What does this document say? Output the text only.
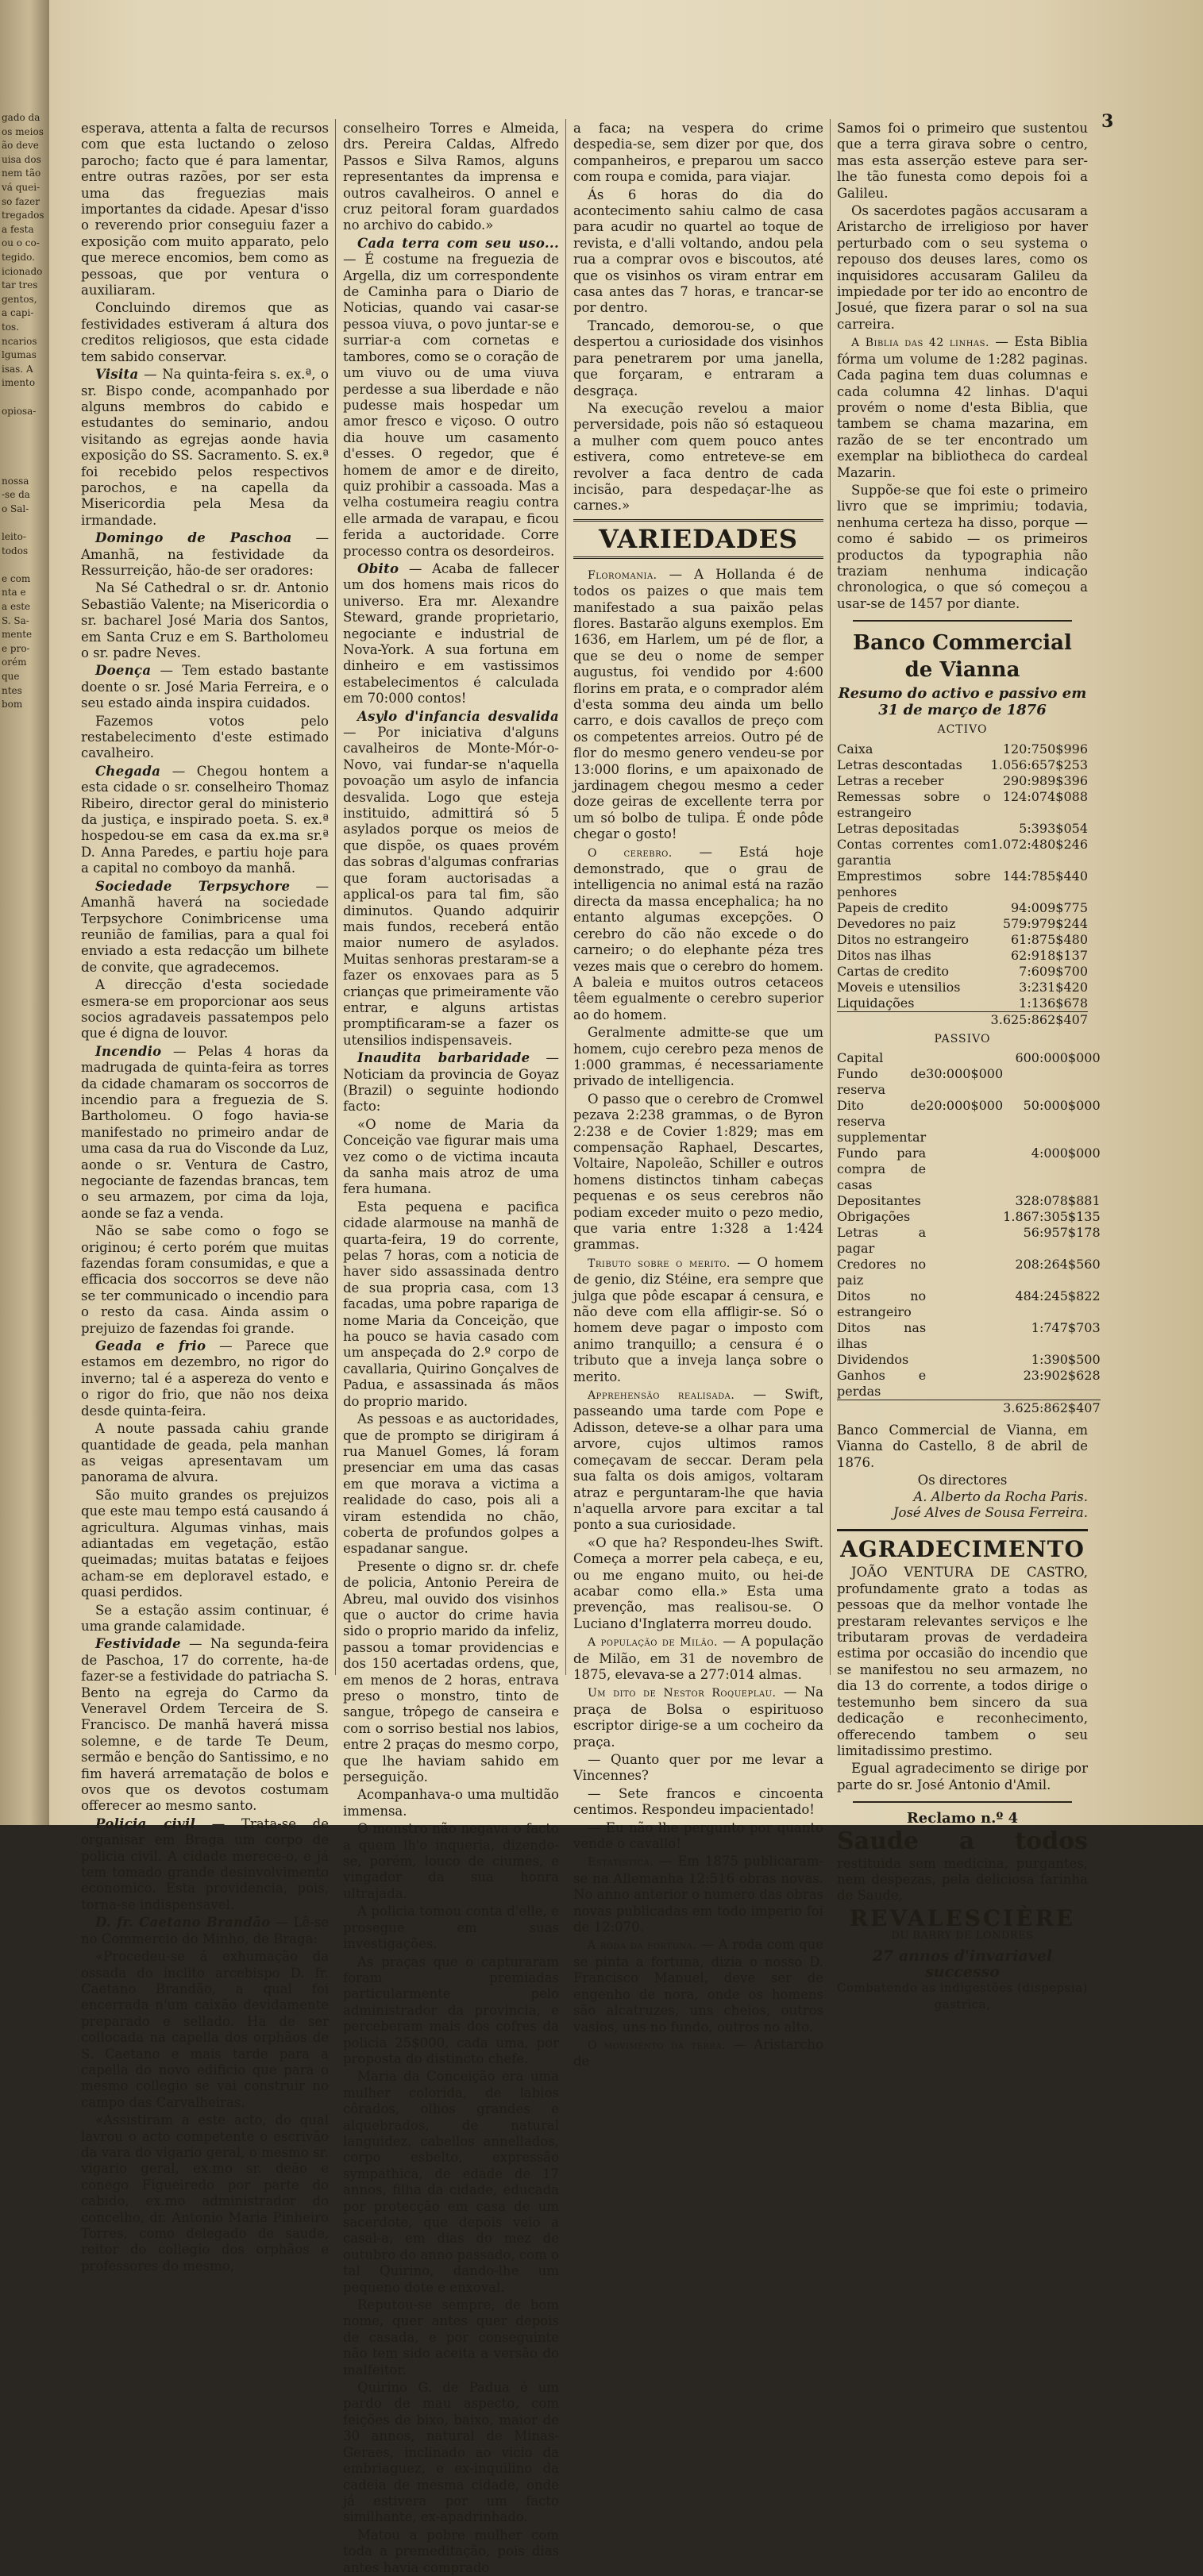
gado da
os meios
ão deve
uisa dos
nem tão
vá quei-
so fazer
tregados
a festa
ou o co-
tegido.
icionado
tar tres
gentos,
a capi-
tos.
ncarios
lgumas
isas. A
imento
opiosa-
nossa
-se da
o Sal-
leito-
todos
e com
nta e
a este
S. Sa-
mente
e pro-
orém
que
ntes
bom
3

esperava, attenta a falta de recursos com que esta luctando o zeloso parocho; facto que é para lamentar, entre outras razões, por ser esta uma das freguezias mais importantes da cidade. Apesar d'isso o reverendo prior conseguiu fazer a exposição com muito apparato, pelo que merece encomios, bem como as pessoas, que por ventura o auxiliaram.

Concluindo diremos que as festividades estiveram á altura dos creditos religiosos, que esta cidade tem sabido conservar.

Visita — Na quinta-feira s. ex.ª, o sr. Bispo conde, acompanhado por alguns membros do cabido e estudantes do seminario, andou visitando as egrejas aonde havia exposição do SS. Sacramento. S. ex.ª foi recebido pelos respectivos parochos, e na capella da Misericordia pela Mesa da irmandade.

Domingo de Paschoa — Amanhã, na festividade da Ressurreição, hão-de ser oradores:

Na Sé Cathedral o sr. dr. Antonio Sebastião Valente; na Misericordia o sr. bacharel José Maria dos Santos, em Santa Cruz e em S. Bartholomeu o sr. padre Neves.

Doença — Tem estado bastante doente o sr. José Maria Ferreira, e o seu estado ainda inspira cuidados.

Fazemos votos pelo restabelecimento d'este estimado cavalheiro.

Chegada — Chegou hontem a esta cidade o sr. conselheiro Thomaz Ribeiro, director geral do ministerio da justiça, e inspirado poeta. S. ex.ª hospedou-se em casa da ex.ma sr.ª D. Anna Paredes, e partiu hoje para a capital no comboyo da manhã.

Sociedade Terpsychore — Amanhã haverá na sociedade Terpsychore Conimbricense uma reunião de familias, para a qual foi enviado a esta redacção um bilhete de convite, que agradecemos.

A direcção d'esta sociedade esmera-se em proporcionar aos seus socios agradaveis passatempos pelo que é digna de louvor.

Incendio — Pelas 4 horas da madrugada de quinta-feira as torres da cidade chamaram os soccorros de incendio para a freguezia de S. Bartholomeu. O fogo havia-se manifestado no primeiro andar de uma casa da rua do Visconde da Luz, aonde o sr. Ventura de Castro, negociante de fazendas brancas, tem o seu armazem, por cima da loja, aonde se faz a venda.

Não se sabe como o fogo se originou; é certo porém que muitas fazendas foram consumidas, e que a efficacia dos soccorros se deve não se ter communicado o incendio para o resto da casa. Ainda assim o prejuizo de fazendas foi grande.

Geada e frio — Parece que estamos em dezembro, no rigor do inverno; tal é a aspereza do vento e o rigor do frio, que não nos deixa desde quinta-feira.

A noute passada cahiu grande quantidade de geada, pela manhan as veigas apresentavam um panorama de alvura.

São muito grandes os prejuizos que este mau tempo está causando á agricultura. Algumas vinhas, mais adiantadas em vegetação, estão queimadas; muitas batatas e feijoes acham-se em deploravel estado, e quasi perdidos.

Se a estação assim continuar, é uma grande calamidade.

Festividade — Na segunda-feira de Paschoa, 17 do corrente, ha-de fazer-se a festividade do patriacha S. Bento na egreja do Carmo da Veneravel Ordem Terceira de S. Francisco. De manhã haverá missa solemne, e de tarde Te Deum, sermão e benção do Santissimo, e no fim haverá arrematação de bolos e ovos que os devotos costumam offerecer ao mesmo santo.

Policia civil — Trata-se de organisar em Braga um corpo de policia civil. A cidade merece-o, e já tem tomado grande desinvolvimento economico. Esta providencia, pois, torna-se indispensavel.

D. fr. Caetano Brandão — Lê-se no Commercio do Minho, de Braga:

«Procedeu-se á exhumação da ossada do inclito arcebispo D. fr. Caetano Brandão, a qual foi encerrada n'um caixão devidamente preparado e sellado. Ha de ser collocada na capella dos orphãos de S. Caetano e mais tarde para a capella do novo edificio que para o mesmo collegio se vai construir no campo das Carvalheiras.

«Assistiram a este acto, do qual lavrou o acto competente o escrivão da vara do vigario geral, o mesmo sr. vigario geral, ex.mo sr. deão e conego Figueiredo por parte do cabido, ex.mo administrador do concelho, dr. Antonio Maria Pinheiro Torres, como delegado de saude, reitor do collegio dos orphãos e professores do mesmo,

conselheiro Torres e Almeida, drs. Pereira Caldas, Alfredo Passos e Silva Ramos, alguns representantes da imprensa e outros cavalheiros. O annel e cruz peitoral foram guardados no archivo do cabido.»

Cada terra com seu uso... — É costume na freguezia de Argella, diz um correspondente de Caminha para o Diario de Noticias, quando vai casar-se pessoa viuva, o povo juntar-se e surriar-a com cornetas e tambores, como se o coração de um viuvo ou de uma viuva perdesse a sua liberdade e não pudesse mais hospedar um amor fresco e viçoso. O outro dia houve um casamento d'esses. O regedor, que é homem de amor e de direito, quiz prohibir a cassoada. Mas a velha costumeira reagiu contra elle armada de varapau, e ficou ferida a auctoridade. Corre processo contra os desordeiros.

Obito — Acaba de fallecer um dos homens mais ricos do universo. Era mr. Alexandre Steward, grande proprietario, negociante e industrial de Nova-York. A sua fortuna em dinheiro e em vastissimos estabelecimentos é calculada em 70:000 contos!

Asylo d'infancia desvalida — Por iniciativa d'alguns cavalheiros de Monte-Mór-o-Novo, vai fundar-se n'aquella povoação um asylo de infancia desvalida. Logo que esteja instituido, admittirá só 5 asylados porque os meios de que dispõe, os quaes provém das sobras d'algumas confrarias que foram auctorisadas a applical-os para tal fim, são diminutos. Quando adquirir mais fundos, receberá então maior numero de asylados. Muitas senhoras prestaram-se a fazer os enxovaes para as 5 crianças que primeiramente vão entrar, e alguns artistas promptificaram-se a fazer os utensilios indispensaveis.

Inaudita barbaridade — Noticiam da provincia de Goyaz (Brazil) o seguinte hodiondo facto:

«O nome de Maria da Conceição vae figurar mais uma vez como o de victima incauta da sanha mais atroz de uma fera humana.

Esta pequena e pacifica cidade alarmouse na manhã de quarta-feira, 19 do corrente, pelas 7 horas, com a noticia de haver sido assassinada dentro de sua propria casa, com 13 facadas, uma pobre rapariga de nome Maria da Conceição, que ha pouco se havia casado com um anspeçada do 2.º corpo de cavallaria, Quirino Gonçalves de Padua, e assassinada ás mãos do proprio marido.

As pessoas e as auctoridades, que de prompto se dirigiram á rua Manuel Gomes, lá foram presenciar em uma das casas em que morava a victima a realidade do caso, pois ali a viram estendida no chão, coberta de profundos golpes a espadanar sangue.

Presente o digno sr. dr. chefe de policia, Antonio Pereira de Abreu, mal ouvido dos visinhos que o auctor do crime havia sido o proprio marido da infeliz, passou a tomar providencias e dos 150 acertadas ordens, que, em menos de 2 horas, entrava preso o monstro, tinto de sangue, trôpego de canseira e com o sorriso bestial nos labios, entre 2 praças do mesmo corpo, que lhe haviam sahido em perseguição.

Acompanhava-o uma multidão immensa.

O monstro não negava o facto a quem lh'o inqueria, dizendo-se, porém, louco de ciumes, e vingador da sua honra ultrajada.

A policia tomou conta d'elle, e prosegue em suas investigações.

As praças que o capturaram foram premiadas particularmente pelo administrador da provincia, e perceberam mais dos cofres da policia 25$000, cada uma, por proposta do distincto chefe.

Maria da Conceição era uma mulher colorida, de labios côrados, olhos grandes e alquebrados, de natural languidez, cabellos annellados, corpo esbelto, expressão sympathica, de edade de 17 annos, filha da cidade, educada por protecção em casa de um sacerdote, que depois veio a casal-a, em dias do mez de outubro do anno passado, com o tal Quirino, dando-lhe um pequeno dote e enxoval.

Reputou-se sempre, de bom nome, quer antes quer depois de casada, e por conseguinte não tem sido aceita a versão do malfeitor.

Quirino G. de Padua é um pardo de mau aspecto, com feições de bixo, baixo, maior de 30 annos, natural de Minas-Geraes, inclinado ao vicio da embriaguez, e ex-inquilino da cadeia de mesma cidade, onde já estivera por um facto similhante, ex-apadrinhado.

Matou a pobre mulher com toda a premeditação, pois dias antes havia comprado

a faca; na vespera do crime despedia-se, sem dizer por que, dos companheiros, e preparou um sacco com roupa e comida, para viajar.

Ás 6 horas do dia do acontecimento sahiu calmo de casa para acudir no quartel ao toque de revista, e d'alli voltando, andou pela rua a comprar ovos e biscoutos, até que os visinhos os viram entrar em casa antes das 7 horas, e trancar-se por dentro.

Trancado, demorou-se, o que despertou a curiosidade dos visinhos para penetrarem por uma janella, que forçaram, e entraram a desgraça.

Na execução revelou a maior perversidade, pois não só estaqueou a mulher com quem pouco antes estivera, como entreteve-se em revolver a faca dentro de cada incisão, para despedaçar-lhe as carnes.»

VARIEDADES

Floromania. — A Hollanda é de todos os paizes o que mais tem manifestado a sua paixão pelas flores. Bastarão alguns exemplos. Em 1636, em Harlem, um pé de flor, a que se deu o nome de semper augustus, foi vendido por 4:600 florins em prata, e o comprador além d'esta somma deu ainda um bello carro, e dois cavallos de preço com os competentes arreios. Outro pé de flor do mesmo genero vendeu-se por 13:000 florins, e um apaixonado de jardinagem chegou mesmo a ceder doze geiras de excellente terra por um só bolbo de tulipa. É onde pôde chegar o gosto!

O cerebro. — Está hoje demonstrado, que o grau de intelligencia no animal está na razão directa da massa encephalica; ha no entanto algumas excepções. O cerebro do cão não excede o do carneiro; o do elephante péza tres vezes mais que o cerebro do homem. A baleia e muitos outros cetaceos têem egualmente o cerebro superior ao do homem.

Geralmente admitte-se que um homem, cujo cerebro peza menos de 1:000 grammas, é necessariamente privado de intelligencia.

O passo que o cerebro de Cromwel pezava 2:238 grammas, o de Byron 2:238 e de Covier 1:829; mas em compensação Raphael, Descartes, Voltaire, Napoleão, Schiller e outros homens distinctos tinham cabeças pequenas e os seus cerebros não podiam exceder muito o pezo medio, que varia entre 1:328 a 1:424 grammas.

Tributo sobre o merito. — O homem de genio, diz Stéine, era sempre que julga que pôde escapar á censura, e não deve com ella affligir-se. Só o homem deve pagar o imposto com animo tranquillo; a censura é o tributo que a inveja lança sobre o merito.

Apprehensão realisada. — Swift, passeando uma tarde com Pope e Adisson, deteve-se a olhar para uma arvore, cujos ultimos ramos começavam de seccar. Deram pela sua falta os dois amigos, voltaram atraz e perguntaram-lhe que havia n'aquella arvore para excitar a tal ponto a sua curiosidade.

«O que ha? Respondeu-lhes Swift. Começa a morrer pela cabeça, e eu, ou me engano muito, ou hei-de acabar como ella.» Esta uma prevenção, mas realisou-se. O Luciano d'Inglaterra morreu doudo.

A população de Milão. — A população de Milão, em 31 de novembro de 1875, elevava-se a 277:014 almas.

Um dito de Nestor Roqueplau. — Na praça de Bolsa o espirituoso escriptor dirige-se a um cocheiro da praça.

— Quanto quer por me levar a Vincennes?

— Sete francos e cincoenta centimos. Respondeu impacientado!

— Eu não lhe pergunto por quanto vende o cavallo!

Estatistica. — Em 1875 publicaram-se na Allemanha 12:516 obras novas. No anno anterior o numero das obras novas publicadas em todo imperio foi de 12:070.

A roda da fortuna. — A roda com que se pinta a fortuna, dizia o nosso D. Francisco Manuel, deve ser de engenho de nora, onde os homens são alcatruzes, uns cheios, outros vasios, uns no fundo, outros no alto.

O movimento da terra. — Aristarcho de

Samos foi o primeiro que sustentou que a terra girava sobre o centro, mas esta asserção esteve para ser-lhe tão funesta como depois foi a Galileu.

Os sacerdotes pagãos accusaram a Aristarcho de irreligioso por haver perturbado com o seu systema o repouso dos deuses lares, como os inquisidores accusaram Galileu da impiedade por ter ido ao encontro de Josué, que fizera parar o sol na sua carreira.

A Biblia das 42 linhas. — Esta Biblia fórma um volume de 1:282 paginas. Cada pagina tem duas columnas e cada columna 42 linhas. D'aqui provém o nome d'esta Biblia, que tambem se chama mazarina, em razão de se ter encontrado um exemplar na bibliotheca do cardeal Mazarin.

Suppõe-se que foi este o primeiro livro que se imprimiu; todavia, nenhuma certeza ha disso, porque — como é sabido — os primeiros productos da typographia não traziam nenhuma indicação chronologica, o que só começou a usar-se de 1457 por diante.

Banco Commercial de Vianna
Resumo do activo e passivo em 31 de março de 1876
ACTIVO
Caixa		120:750$996
Letras descontadas		1.056:657$253
Letras a receber		290:989$396
Remessas sobre o estrangeiro		124:074$088
Letras depositadas		5:393$054
Contas correntes com garantia		1.072:480$246
Emprestimos sobre penhores		144:785$440
Papeis de credito		94:009$775
Devedores no paiz		579:979$244
Ditos no estrangeiro		61:875$480
Ditos nas ilhas		62:918$137
Cartas de credito		7:609$700
Moveis e utensilios		3:231$420
Liquidações		1:136$678
		3.625:862$407
PASSIVO
Capital		600:000$000
Fundo de reserva	30:000$000	
Dito de reserva supplementar	20:000$000	50:000$000
Fundo para compra de casas		4:000$000
Depositantes		328:078$881
Obrigações		1.867:305$135
Letras a pagar		56:957$178
Credores no paiz		208:264$560
Ditos no estrangeiro		484:245$822
Ditos nas ilhas		1:747$703
Dividendos		1:390$500
Ganhos e perdas		23:902$628
		3.625:862$407

Banco Commercial de Vianna, em Vianna do Castello, 8 de abril de 1876.

Os directores
A. Alberto da Rocha Paris.
José Alves de Sousa Ferreira.
AGRADECIMENTO

JOÃO VENTURA DE CASTRO, profundamente grato a todas as pessoas que da melhor vontade lhe prestaram relevantes serviços e lhe tributaram provas de verdadeira estima por occasião do incendio que se manifestou no seu armazem, no dia 13 do corrente, a todos dirige o testemunho bem sincero da sua dedicação e reconhecimento, offerecendo tambem o seu limitadissimo prestimo.

Egual agradecimento se dirige por parte do sr. José Antonio d'Amil.

Reclamo n.º 4

Saude a todos restituida sem medicina, purgantes, nem despezas, pela deliciosa farinha de Saude,

REVALESCIÈRE
DU BARRY DE LONDRES
27 annos d'invariavel successo
Combatendo as indigestões (dispepsia) gastrica,
